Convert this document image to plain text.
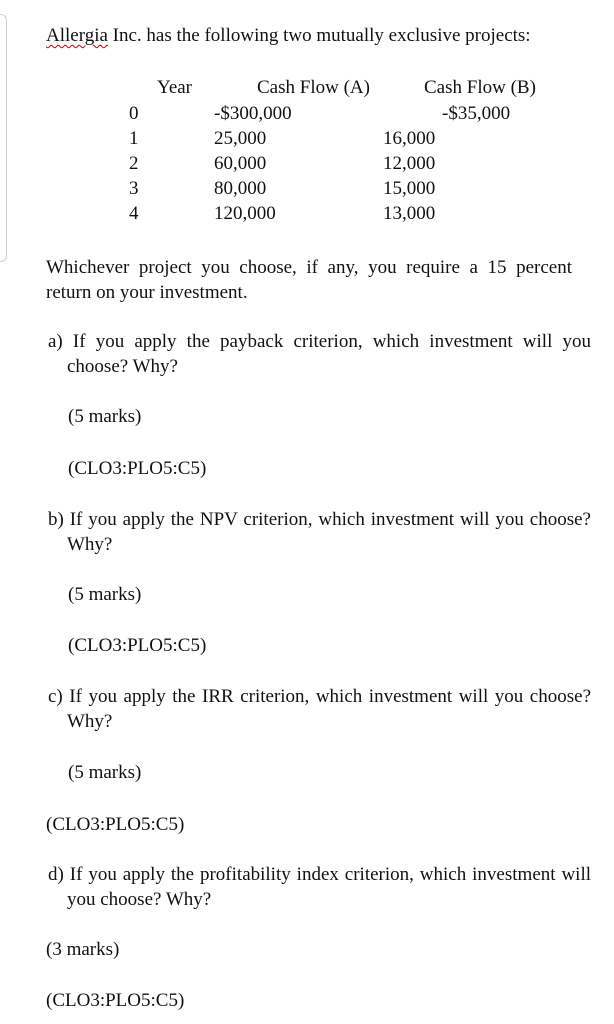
Allergia Inc. has the following two mutually exclusive projects:
Year	Cash Flow (A)	Cash Flow (B)
0	-$300,000	-$35,000
1	25,000	16,000
2	60,000	12,000
3	80,000	15,000
4	120,000	13,000
Whichever project you choose, if any, you require a 15 percent return on your investment.
a) If you apply the payback criterion, which investment will you choose? Why?
(5 marks)
(CLO3:PLO5:C5)
b) If you apply the NPV criterion, which investment will you choose? Why?
(5 marks)
(CLO3:PLO5:C5)
c) If you apply the IRR criterion, which investment will you choose? Why?
(5 marks)
(CLO3:PLO5:C5)
d) If you apply the profitability index criterion, which investment will you choose? Why?
(3 marks)
(CLO3:PLO5:C5)
